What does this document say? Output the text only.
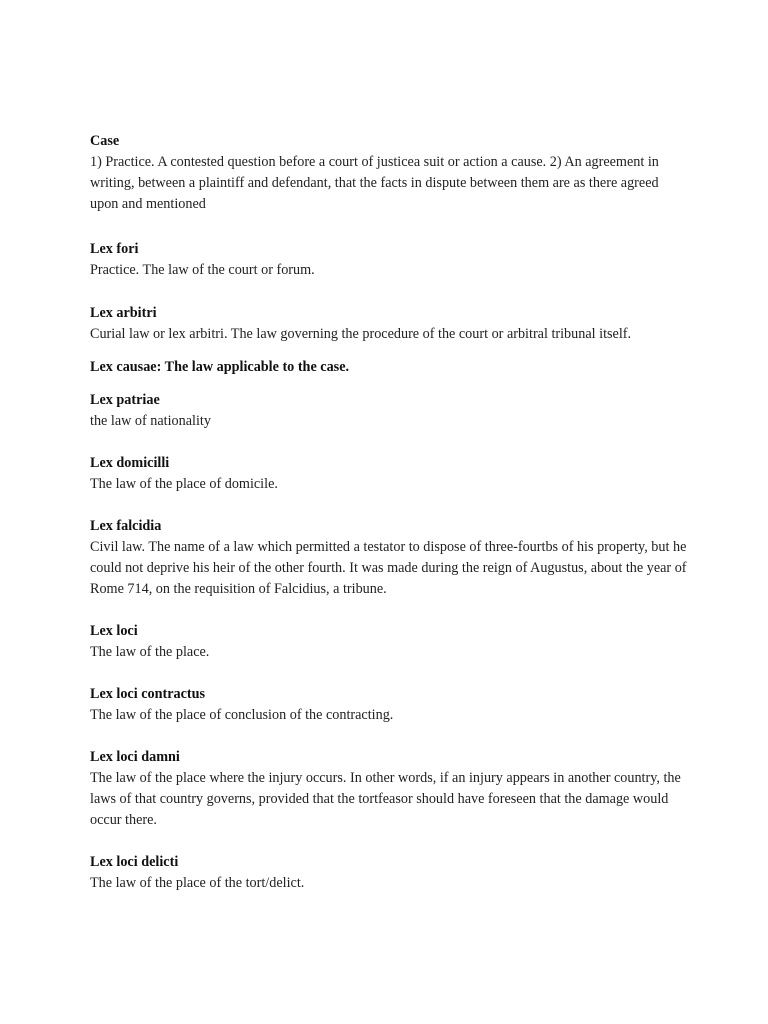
Case

1) Practice. A contested question before a court of justicea suit or action a cause. 2) An agreement in writing, between a plaintiff and defendant, that the facts in dispute between them are as there agreed upon and mentioned

Lex fori

Practice. The law of the court or forum.

Lex arbitri

Curial law or lex arbitri. The law governing the procedure of the court or arbitral tribunal itself.

Lex causae: The law applicable to the case.
Lex patriae

the law of nationality

Lex domicilli

The law of the place of domicile.

Lex falcidia

Civil law. The name of a law which permitted a testator to dispose of three-fourtbs of his property, but he could not deprive his heir of the other fourth. It was made during the reign of Augustus, about the year of Rome 714, on the requisition of Falcidius, a tribune.

Lex loci

The law of the place.

Lex loci contractus

The law of the place of conclusion of the contracting.

Lex loci damni

The law of the place where the injury occurs. In other words, if an injury appears in another country, the laws of that country governs, provided that the tortfeasor should have foreseen that the damage would occur there.

Lex loci delicti

The law of the place of the tort/delict.
